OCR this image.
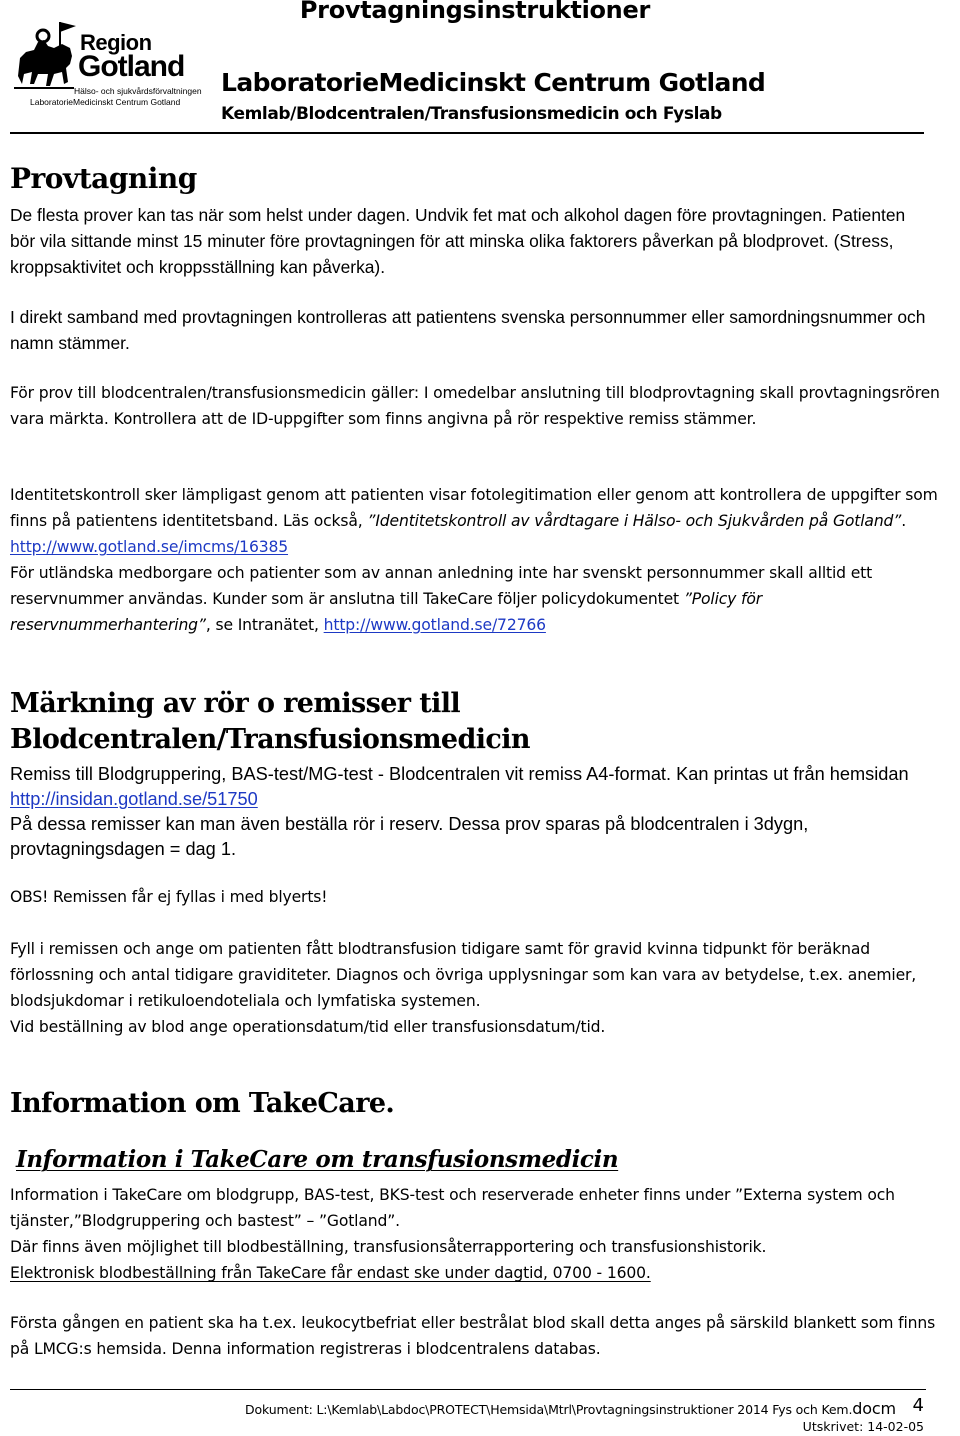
Region
Gotland
Hälso- och sjukvårdsförvaltningen
LaboratorieMedicinskt Centrum Gotland
Provtagningsinstruktioner
LaboratorieMedicinskt Centrum Gotland
Kemlab/Blodcentralen/Transfusionsmedicin och Fyslab
Provtagning

De flesta prover kan tas när som helst under dagen. Undvik fet mat och alkohol dagen före provtagningen. Patienten bör vila sittande minst 15 minuter före provtagningen för att minska olika faktorers påverkan på blodprovet. (Stress, kroppsaktivitet och kroppsställning kan påverka).

I direkt samband med provtagningen kontrolleras att patientens svenska personnummer eller samordningsnummer och namn stämmer.

För prov till blodcentralen/transfusionsmedicin gäller: I omedelbar anslutning till blodprovtagning skall provtagningsrören vara märkta. Kontrollera att de ID-uppgifter som finns angivna på rör respektive remiss stämmer.

Identitetskontroll sker lämpligast genom att patienten visar fotolegitimation eller genom att kontrollera de uppgifter som finns på patientens identitetsband. Läs också, ”Identitetskontroll av vårdtagare i Hälso- och Sjukvården på Gotland”. http://www.gotland.se/imcms/16385
För utländska medborgare och patienter som av annan anledning inte har svenskt personnummer skall alltid ett reservnummer användas. Kunder som är anslutna till TakeCare följer policydokumentet ”Policy för reservnummerhantering”, se Intranätet, http://www.gotland.se/72766

Märkning av rör o remisser till Blodcentralen/Transfusionsmedicin

Remiss till Blodgruppering, BAS-test/MG-test - Blodcentralen vit remiss A4-format. Kan printas ut från hemsidan http://insidan.gotland.se/51750
På dessa remisser kan man även beställa rör i reserv. Dessa prov sparas på blodcentralen i 3dygn, provtagningsdagen = dag 1.

OBS! Remissen får ej fyllas i med blyerts!

Fyll i remissen och ange om patienten fått blodtransfusion tidigare samt för gravid kvinna tidpunkt för beräknad förlossning och antal tidigare graviditeter. Diagnos och övriga upplysningar som kan vara av betydelse, t.ex. anemier, blodsjukdomar i retikuloendoteliala och lymfatiska systemen.
Vid beställning av blod ange operationsdatum/tid eller transfusionsdatum/tid.

Information om TakeCare.
Information i TakeCare om transfusionsmedicin

Information i TakeCare om blodgrupp, BAS-test, BKS-test och reserverade enheter finns under ”Externa system och tjänster,”Blodgruppering och bastest” – ”Gotland”.
Där finns även möjlighet till blodbeställning, transfusionsåterrapportering och transfusionshistorik.
Elektronisk blodbeställning från TakeCare får endast ske under dagtid, 0700 - 1600.

Första gången en patient ska ha t.ex. leukocytbefriat eller bestrålat blod skall detta anges på särskild blankett som finns på LMCG:s hemsida. Denna information registreras i blodcentralens databas.

Dokument: L:\Kemlab\Labdoc\PROTECT\Hemsida\Mtrl\Provtagningsinstruktioner 2014 Fys och Kem.docm 4
Utskrivet: 14-02-05
